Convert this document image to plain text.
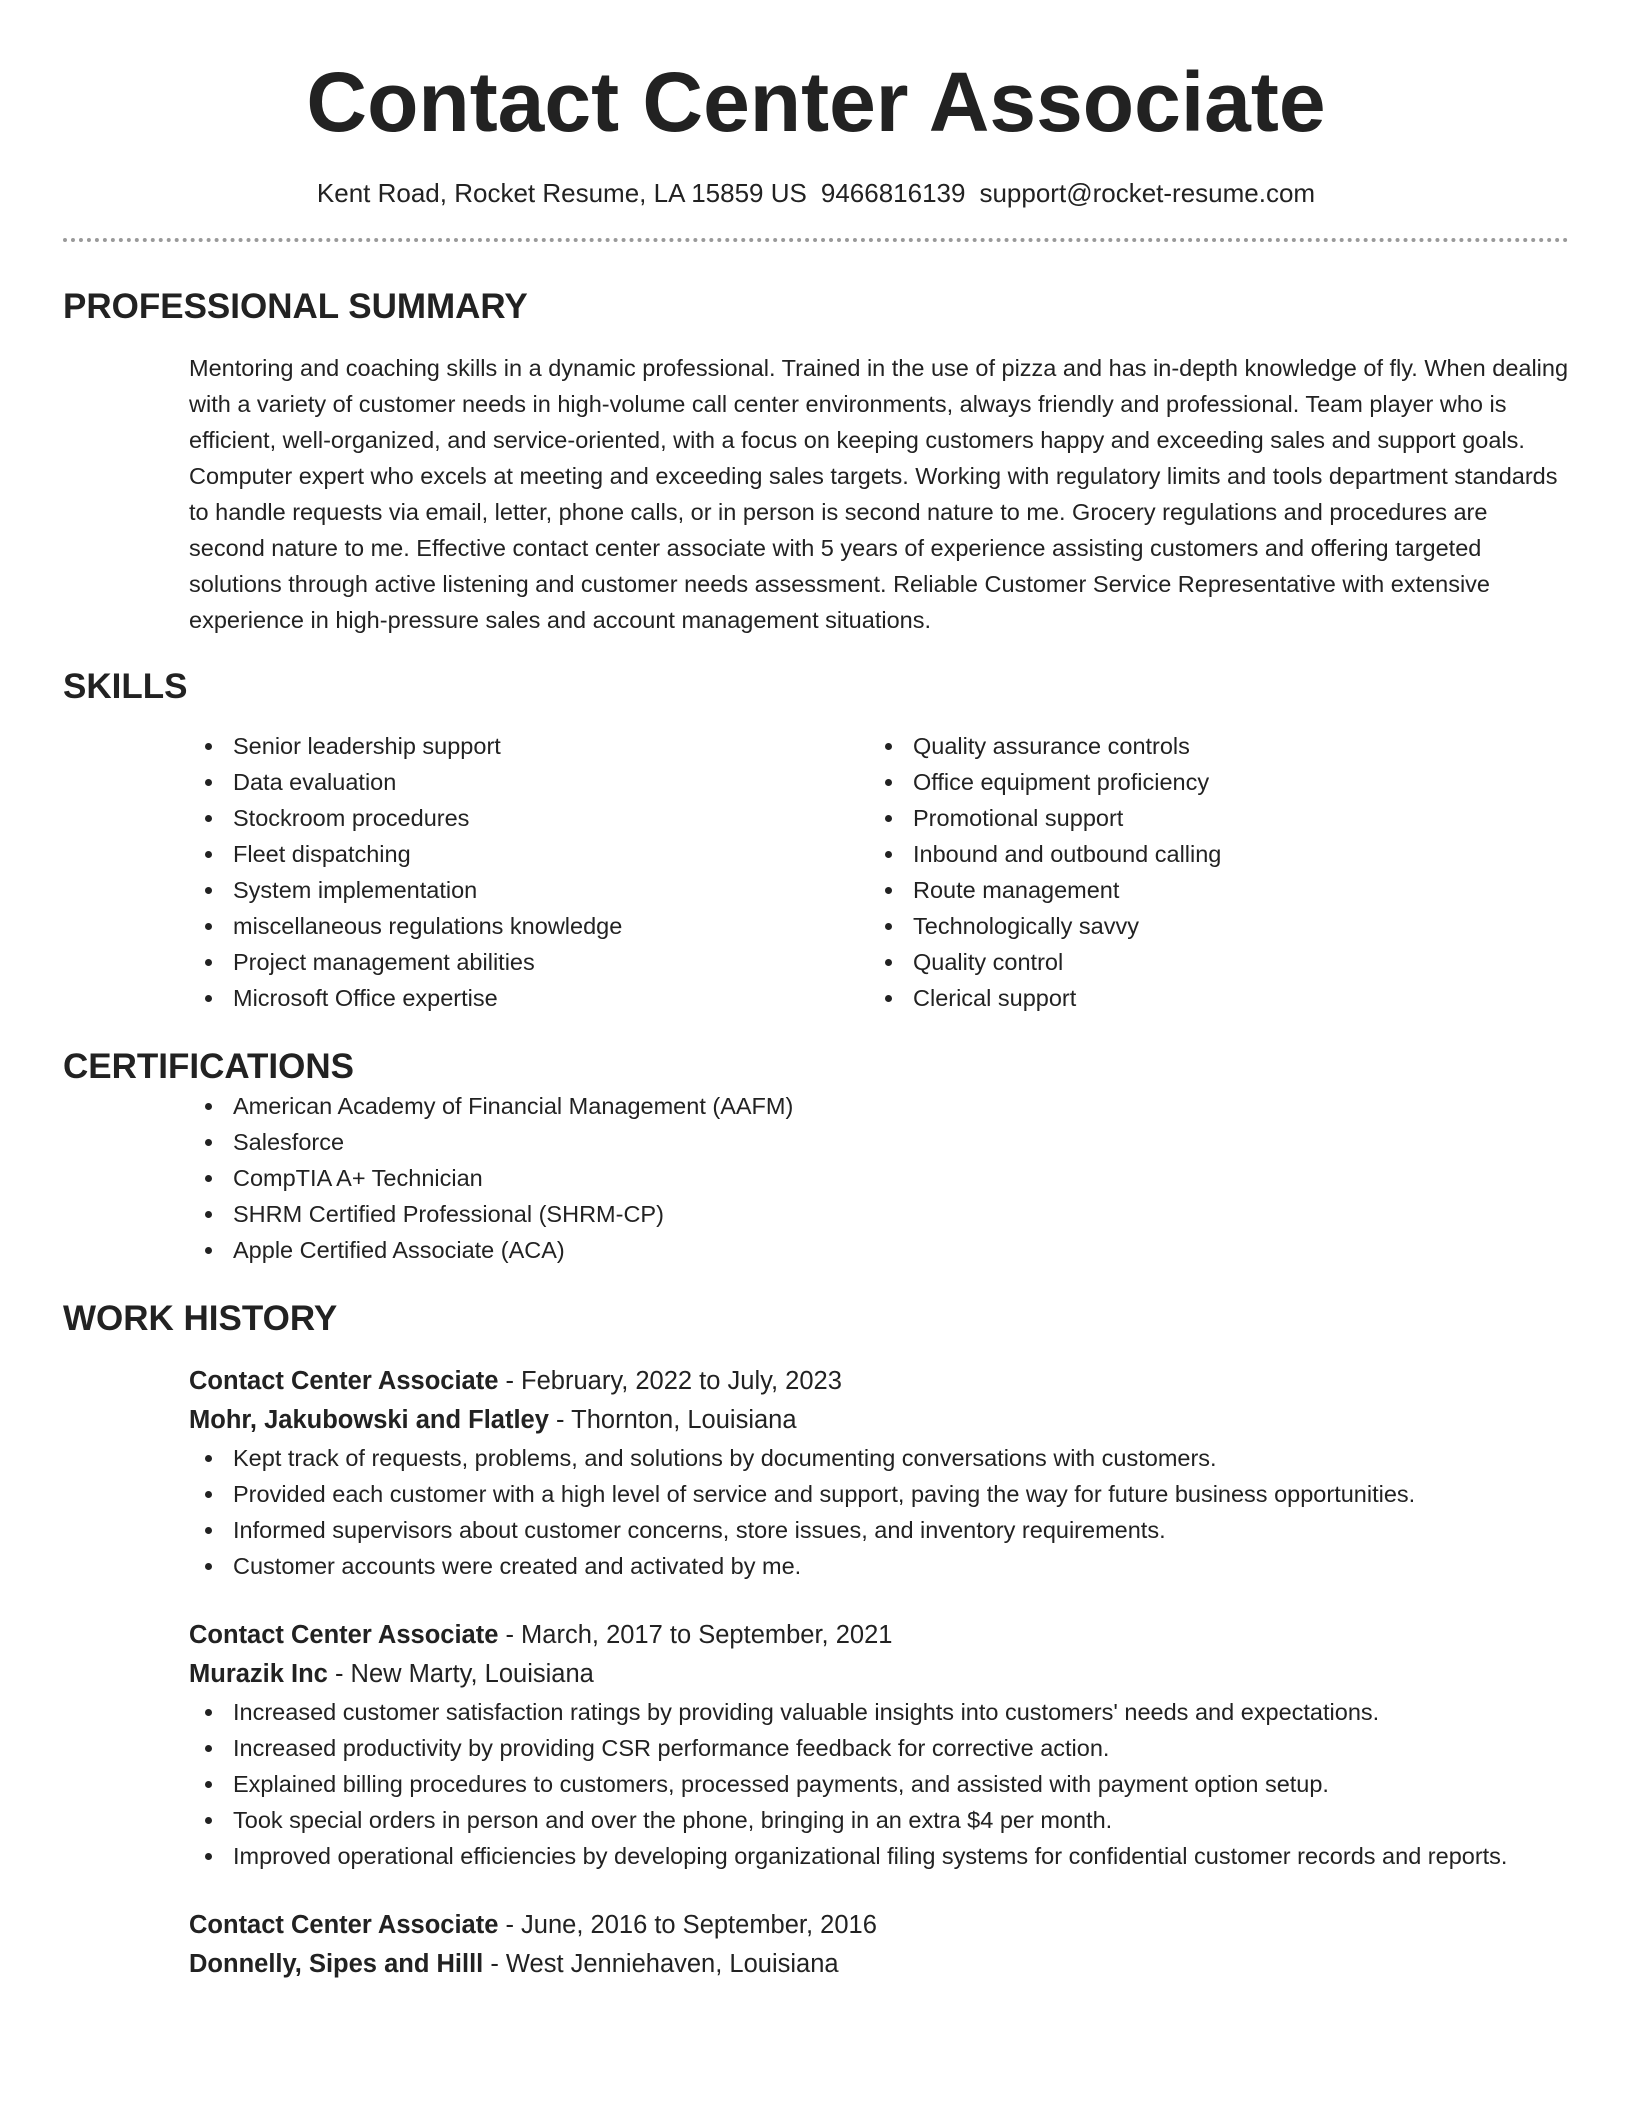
Contact Center Associate
Kent Road, Rocket Resume, LA 15859 US 9466816139 support@rocket-resume.com
PROFESSIONAL SUMMARY
Mentoring and coaching skills in a dynamic professional. Trained in the use of pizza and has in-depth knowledge of fly. When dealing with a variety of customer needs in high-volume call center environments, always friendly and professional. Team player who is efficient, well-organized, and service-oriented, with a focus on keeping customers happy and exceeding sales and support goals. Computer expert who excels at meeting and exceeding sales targets. Working with regulatory limits and tools department standards to handle requests via email, letter, phone calls, or in person is second nature to me. Grocery regulations and procedures are second nature to me. Effective contact center associate with 5 years of experience assisting customers and offering targeted solutions through active listening and customer needs assessment. Reliable Customer Service Representative with extensive experience in high-pressure sales and account management situations.
SKILLS
Senior leadership support
Data evaluation
Stockroom procedures
Fleet dispatching
System implementation
miscellaneous regulations knowledge
Project management abilities
Microsoft Office expertise
Quality assurance controls
Office equipment proficiency
Promotional support
Inbound and outbound calling
Route management
Technologically savvy
Quality control
Clerical support
CERTIFICATIONS
American Academy of Financial Management (AAFM)
Salesforce
CompTIA A+ Technician
SHRM Certified Professional (SHRM-CP)
Apple Certified Associate (ACA)
WORK HISTORY
Contact Center Associate - February, 2022 to July, 2023
Mohr, Jakubowski and Flatley - Thornton, Louisiana
Kept track of requests, problems, and solutions by documenting conversations with customers.
Provided each customer with a high level of service and support, paving the way for future business opportunities.
Informed supervisors about customer concerns, store issues, and inventory requirements.
Customer accounts were created and activated by me.
Contact Center Associate - March, 2017 to September, 2021
Murazik Inc - New Marty, Louisiana
Increased customer satisfaction ratings by providing valuable insights into customers' needs and expectations.
Increased productivity by providing CSR performance feedback for corrective action.
Explained billing procedures to customers, processed payments, and assisted with payment option setup.
Took special orders in person and over the phone, bringing in an extra $4 per month.
Improved operational efficiencies by developing organizational filing systems for confidential customer records and reports.
Contact Center Associate - June, 2016 to September, 2016
Donnelly, Sipes and Hilll - West Jenniehaven, Louisiana
